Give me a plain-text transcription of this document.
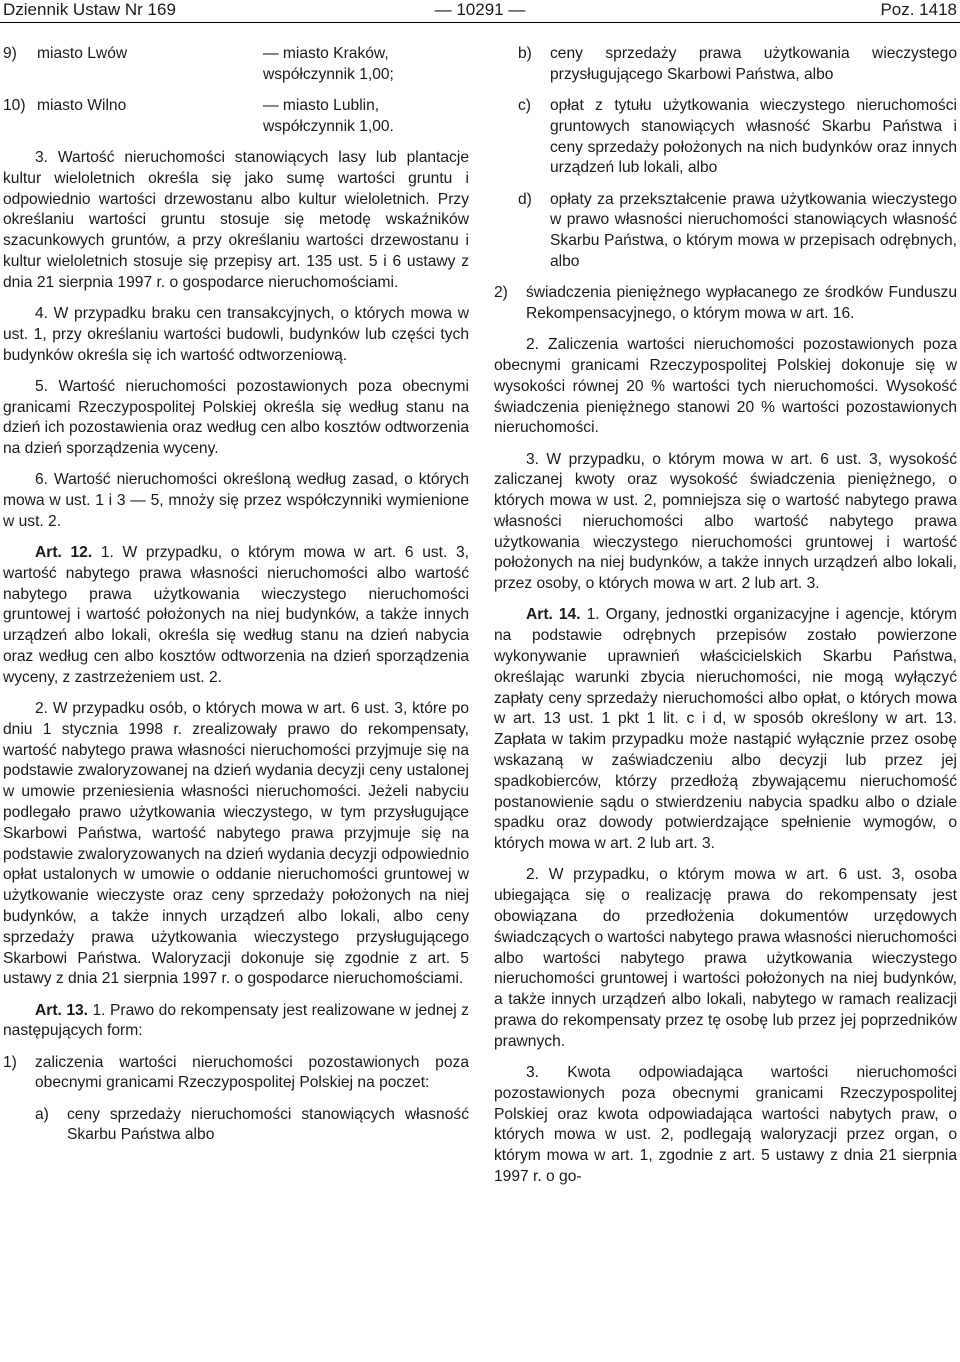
Dziennik Ustaw Nr 169	— 10291 —	Poz. 1418
9)	miasto Lwów	— miasto Kraków, współczynnik 1,00;
10) miasto Wilno	— miasto Lublin, współczynnik 1,00.

3. Wartość nieruchomości stanowiących lasy lub plantacje kultur wieloletnich określa się jako sumę wartości gruntu i odpowiednio wartości drzewostanu albo kultur wieloletnich. Przy określaniu wartości gruntu stosuje się metodę wskaźników szacunkowych gruntów, a przy określaniu wartości drzewostanu i kultur wieloletnich stosuje się przepisy art. 135 ust. 5 i 6 ustawy z dnia 21 sierpnia 1997 r. o gospodarce nieruchomościami.

4. W przypadku braku cen transakcyjnych, o których mowa w ust. 1, przy określaniu wartości budowli, budynków lub części tych budynków określa się ich wartość odtworzeniową.

5. Wartość nieruchomości pozostawionych poza obecnymi granicami Rzeczypospolitej Polskiej określa się według stanu na dzień ich pozostawienia oraz według cen albo kosztów odtworzenia na dzień sporządzenia wyceny.

6. Wartość nieruchomości określoną według zasad, o których mowa w ust. 1 i 3 — 5, mnoży się przez współczynniki wymienione w ust. 2.

Art. 12. 1. W przypadku, o którym mowa w art. 6 ust. 3, wartość nabytego prawa własności nieruchomości albo wartość nabytego prawa użytkowania wieczystego nieruchomości gruntowej i wartość położonych na niej budynków, a także innych urządzeń albo lokali, określa się według stanu na dzień nabycia oraz według cen albo kosztów odtworzenia na dzień sporządzenia wyceny, z zastrzeżeniem ust. 2.

2. W przypadku osób, o których mowa w art. 6 ust. 3, które po dniu 1 stycznia 1998 r. zrealizowały prawo do rekompensaty, wartość nabytego prawa własności nieruchomości przyjmuje się na podstawie zwaloryzowanej na dzień wydania decyzji ceny ustalonej w umowie przeniesienia własności nieruchomości. Jeżeli nabyciu podlegało prawo użytkowania wieczystego, w tym przysługujące Skarbowi Państwa, wartość nabytego prawa przyjmuje się na podstawie zwaloryzowanych na dzień wydania decyzji odpowiednio opłat ustalonych w umowie o oddanie nieruchomości gruntowej w użytkowanie wieczyste oraz ceny sprzedaży położonych na niej budynków, a także innych urządzeń albo lokali, albo ceny sprzedaży prawa użytkowania wieczystego przysługującego Skarbowi Państwa. Waloryzacji dokonuje się zgodnie z art. 5 ustawy z dnia 21 sierpnia 1997 r. o gospodarce nieruchomościami.

Art. 13. 1. Prawo do rekompensaty jest realizowane w jednej z następujących form:

1)	zaliczenia wartości nieruchomości pozostawionych poza obecnymi granicami Rzeczypospolitej Polskiej na poczet:
a)	ceny sprzedaży nieruchomości stanowiących własność Skarbu Państwa albo
b)	ceny sprzedaży prawa użytkowania wieczystego przysługującego Skarbowi Państwa, albo
c)	opłat z tytułu użytkowania wieczystego nieruchomości gruntowych stanowiących własność Skarbu Państwa i ceny sprzedaży położonych na nich budynków oraz innych urządzeń lub lokali, albo
d)	opłaty za przekształcenie prawa użytkowania wieczystego w prawo własności nieruchomości stanowiących własność Skarbu Państwa, o którym mowa w przepisach odrębnych, albo
2)	świadczenia pieniężnego wypłacanego ze środków Funduszu Rekompensacyjnego, o którym mowa w art. 16.

2. Zaliczenia wartości nieruchomości pozostawionych poza obecnymi granicami Rzeczypospolitej Polskiej dokonuje się w wysokości równej 20 % wartości tych nieruchomości. Wysokość świadczenia pieniężnego stanowi 20 % wartości pozostawionych nieruchomości.

3. W przypadku, o którym mowa w art. 6 ust. 3, wysokość zaliczanej kwoty oraz wysokość świadczenia pieniężnego, o których mowa w ust. 2, pomniejsza się o wartość nabytego prawa własności nieruchomości albo wartość nabytego prawa użytkowania wieczystego nieruchomości gruntowej i wartość położonych na niej budynków, a także innych urządzeń albo lokali, przez osoby, o których mowa w art. 2 lub art. 3.

Art. 14. 1. Organy, jednostki organizacyjne i agencje, którym na podstawie odrębnych przepisów zostało powierzone wykonywanie uprawnień właścicielskich Skarbu Państwa, określając warunki zbycia nieruchomości, nie mogą wyłączyć zapłaty ceny sprzedaży nieruchomości albo opłat, o których mowa w art. 13 ust. 1 pkt 1 lit. c i d, w sposób określony w art. 13. Zapłata w takim przypadku może nastąpić wyłącznie przez osobę wskazaną w zaświadczeniu albo decyzji lub przez jej spadkobierców, którzy przedłożą zbywającemu nieruchomość postanowienie sądu o stwierdzeniu nabycia spadku albo o dziale spadku oraz dowody potwierdzające spełnienie wymogów, o których mowa w art. 2 lub art. 3.

2. W przypadku, o którym mowa w art. 6 ust. 3, osoba ubiegająca się o realizację prawa do rekompensaty jest obowiązana do przedłożenia dokumentów urzędowych świadczących o wartości nabytego prawa własności nieruchomości albo wartości nabytego prawa użytkowania wieczystego nieruchomości gruntowej i wartości położonych na niej budynków, a także innych urządzeń albo lokali, nabytego w ramach realizacji prawa do rekompensaty przez tę osobę lub przez jej poprzedników prawnych.

3. Kwota odpowiadająca wartości nieruchomości pozostawionych poza obecnymi granicami Rzeczypospolitej Polskiej oraz kwota odpowiadająca wartości nabytych praw, o których mowa w ust. 2, podlegają waloryzacji przez organ, o którym mowa w art. 1, zgodnie z art. 5 ustawy z dnia 21 sierpnia 1997 r. o go-
